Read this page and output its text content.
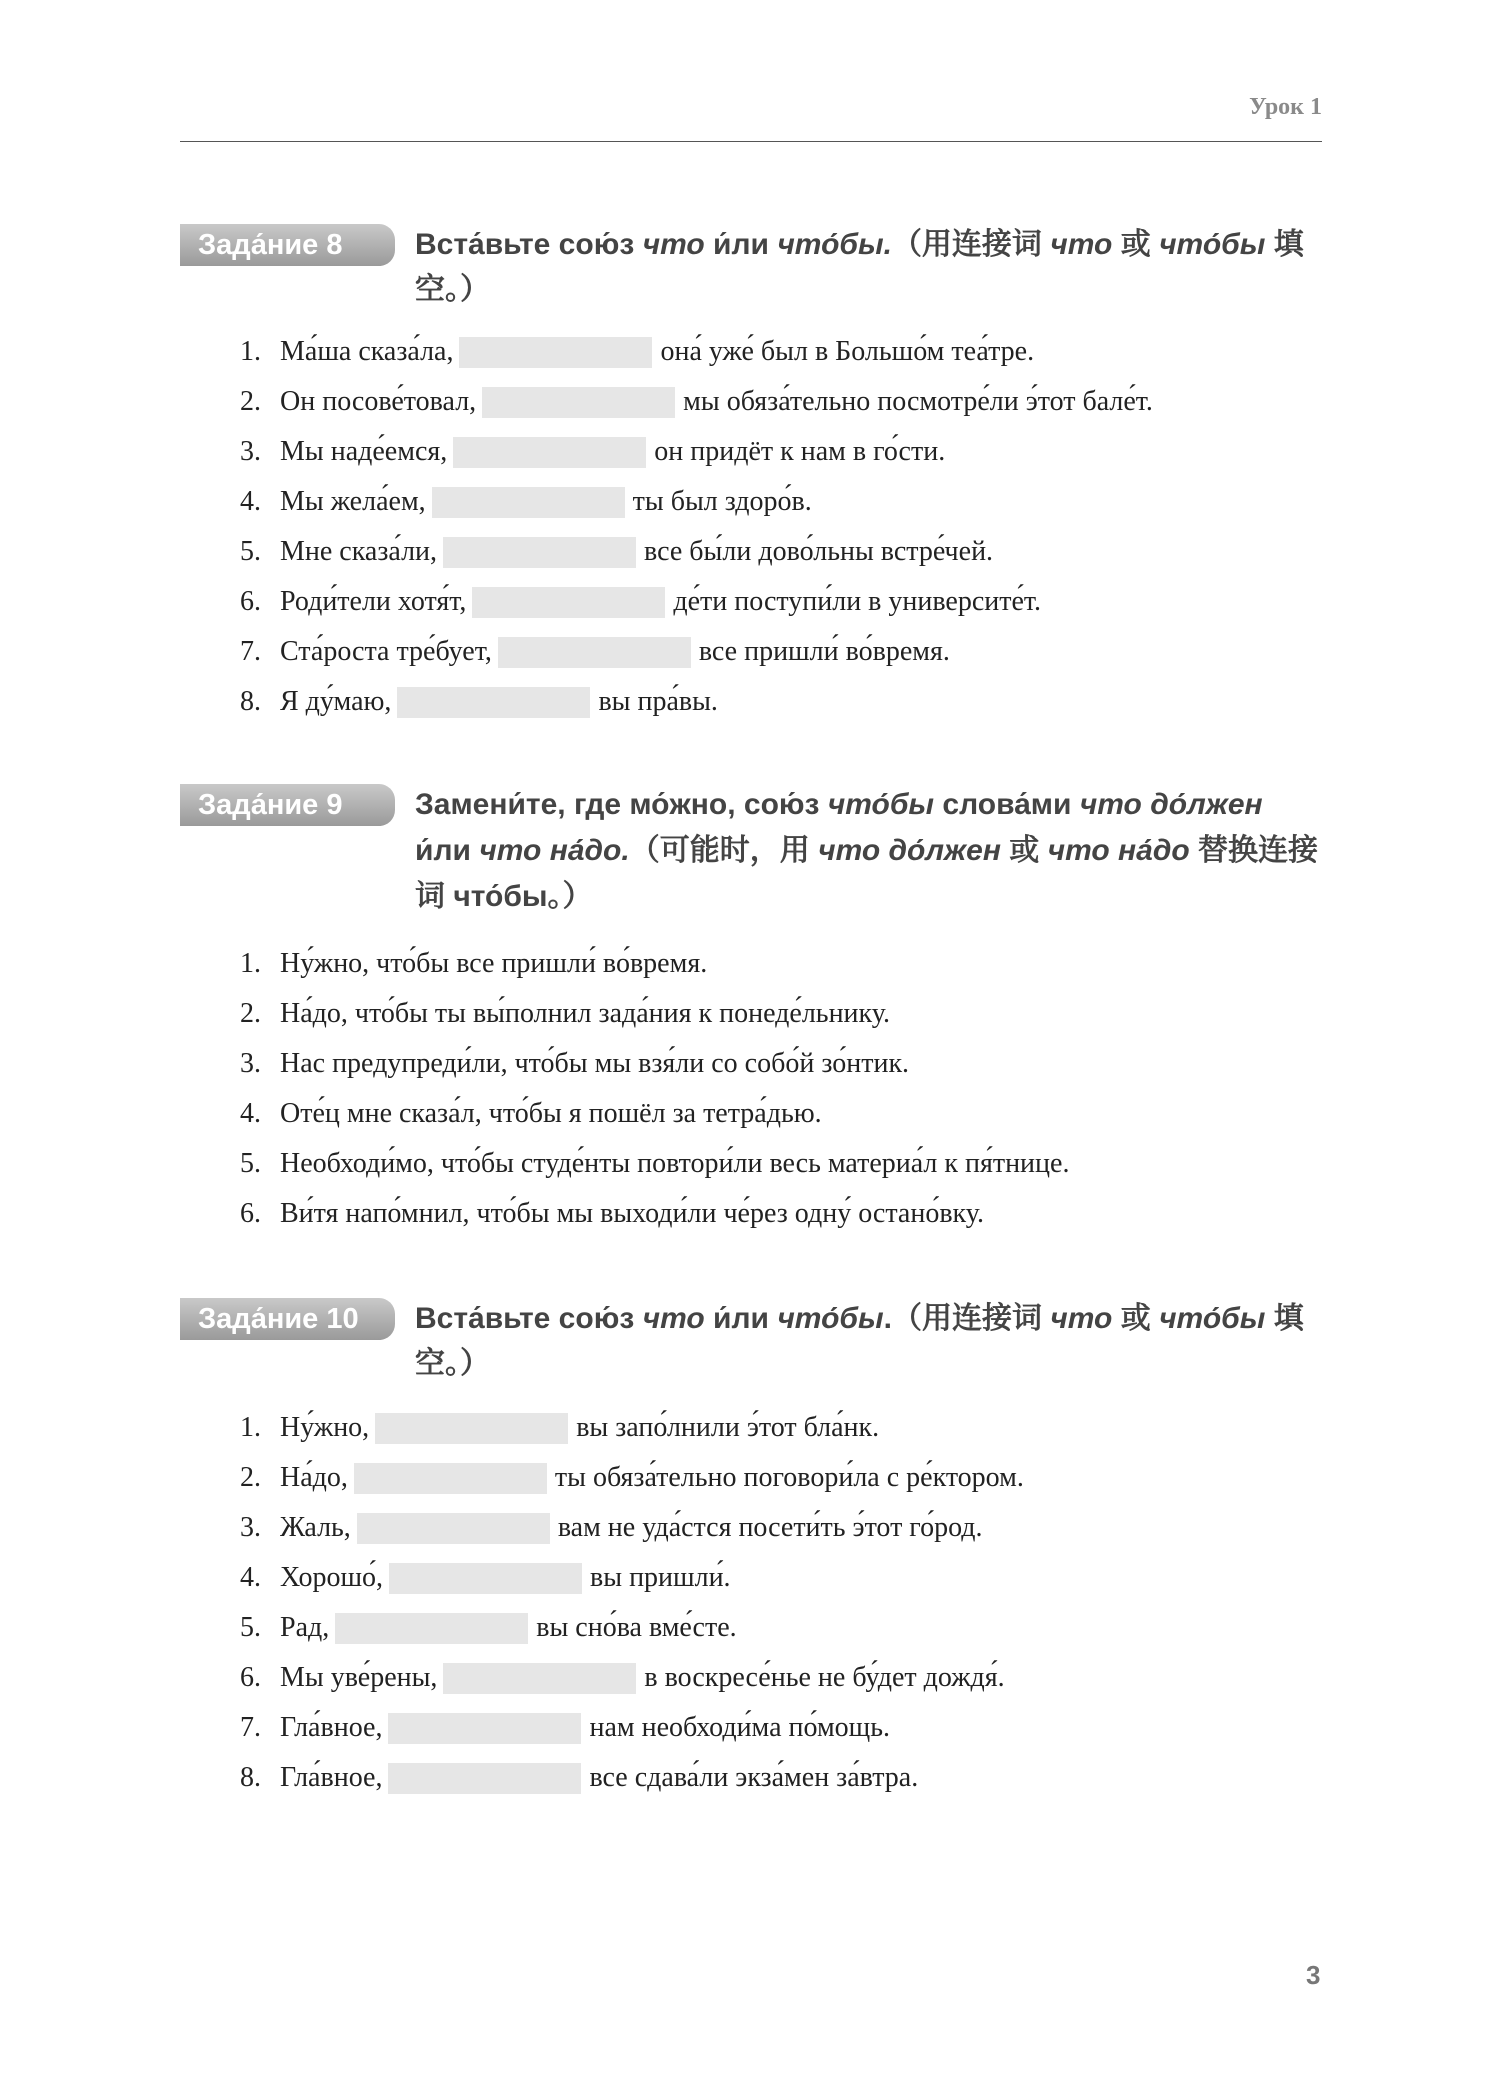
Урок 1
Зада́ние 8	Вста́вьте сою́з что и́ли что́бы.（用连接词 что 或 что́бы 填空。）
1. Ма́ша сказа́ла,	она́ уже́ был в Большо́м теа́тре.
2. Он посове́товал,	мы обяза́тельно посмотре́ли э́тот бале́т.
3. Мы наде́емся,	он придёт к нам в го́сти.
4. Мы жела́ем,	ты был здоро́в.
5. Мне сказа́ли,	все бы́ли дово́льны встре́чей.
6. Роди́тели хотя́т,	де́ти поступи́ли в университе́т.
7. Ста́роста тре́бует,	все пришли́ во́время.
8. Я ду́маю,	вы пра́вы.
Зада́ние 9	Замени́те, где мо́жно, сою́з что́бы слова́ми что до́лжен и́ли что на́до.（可能时，用 что до́лжен 或 что на́до 替换连接词 что́бы。）
1. Ну́жно, что́бы все пришли́ во́время.
2. На́до, что́бы ты вы́полнил зада́ния к понеде́льнику.
3. Нас предупреди́ли, что́бы мы взя́ли со собо́й зо́нтик.
4. Оте́ц мне сказа́л, что́бы я пошёл за тетра́дью.
5. Необходи́мо, что́бы студе́нты повтори́ли весь материа́л к пя́тнице.
6. Ви́тя напо́мнил, что́бы мы выходи́ли че́рез одну́ остано́вку.
Зада́ние 10	Вста́вьте сою́з что и́ли что́бы.（用连接词 что 或 что́бы 填空。）
1. Ну́жно,	вы запо́лнили э́тот бла́нк.
2. На́до,	ты обяза́тельно поговори́ла с ре́ктором.
3. Жаль,	вам не уда́стся посети́ть э́тот го́род.
4. Хорошо́,	вы пришли́.
5. Рад,	вы сно́ва вме́сте.
6. Мы уве́рены,	в воскресе́нье не бу́дет дождя́.
7. Гла́вное,	нам необходи́ма по́мощь.
8. Гла́вное,	все сдава́ли экза́мен за́втра.
3
